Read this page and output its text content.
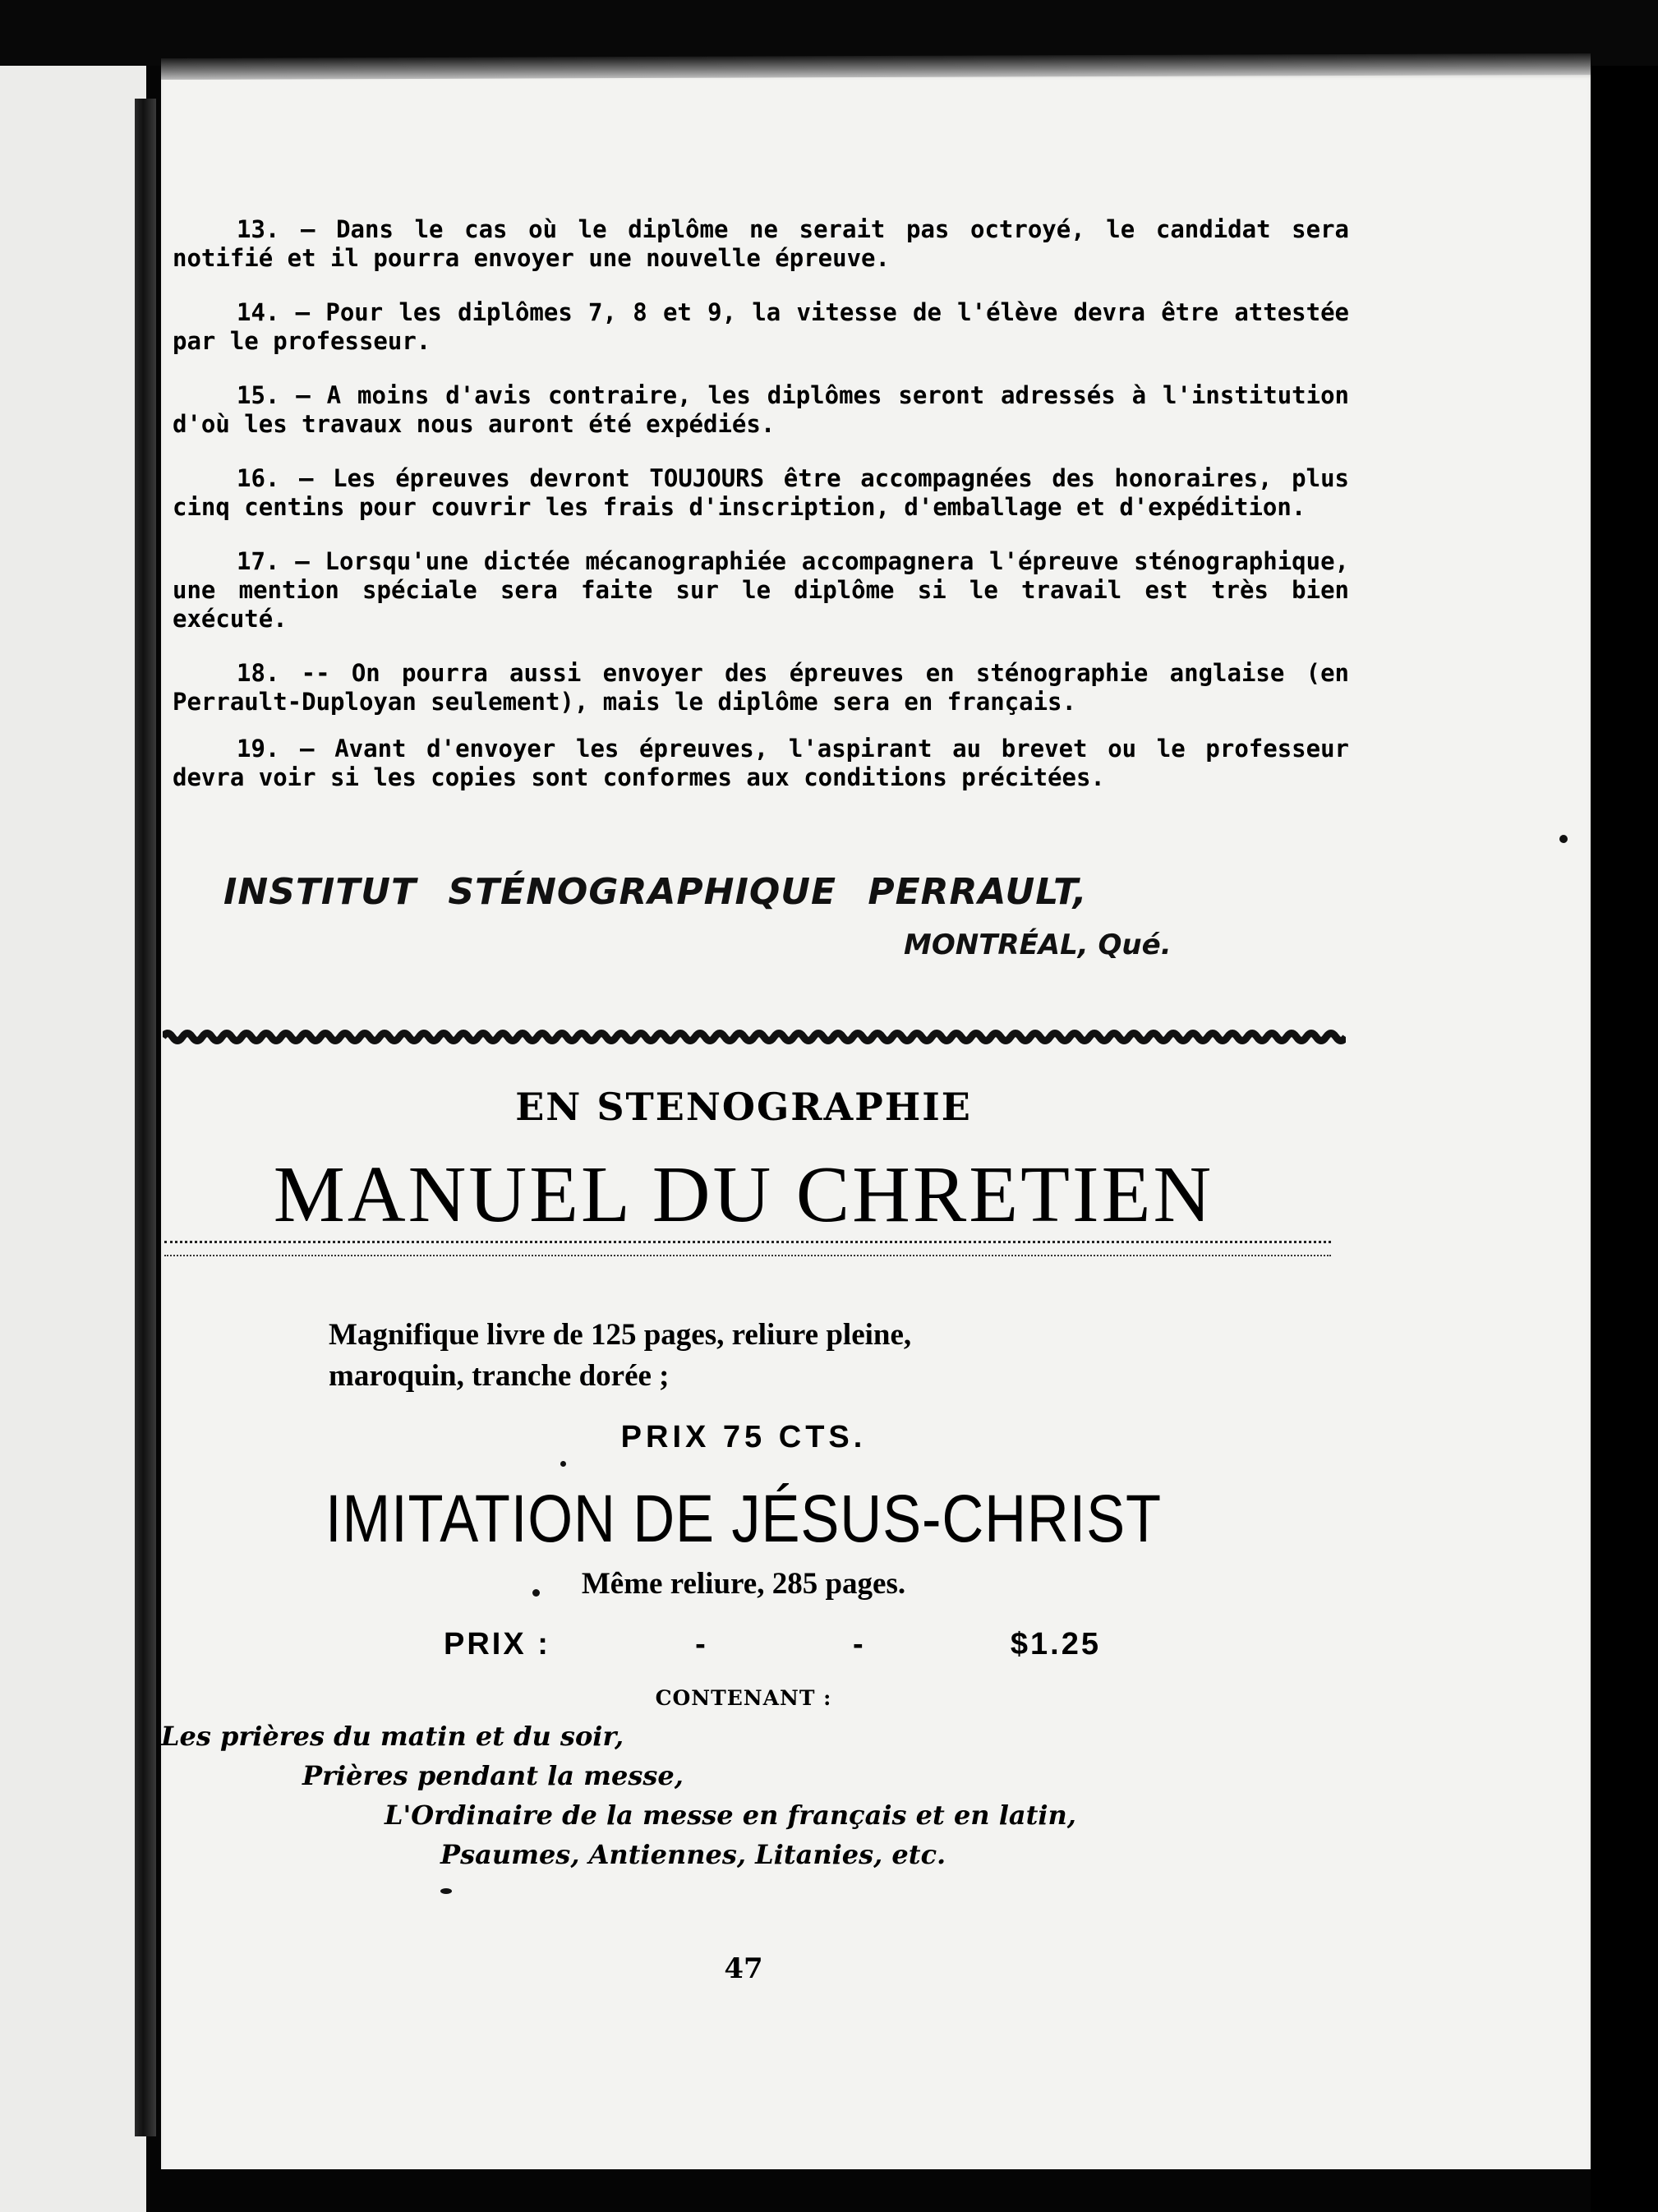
13. — Dans le cas où le diplôme ne serait pas octroyé, le candidat sera notifié et il pourra envoyer une nouvelle épreuve.

14. — Pour les diplômes 7, 8 et 9, la vitesse de l'élève devra être attestée par le professeur.

15. — A moins d'avis contraire, les diplômes seront adressés à l'institution d'où les travaux nous auront été expédiés.

16. — Les épreuves devront TOUJOURS être accompagnées des honoraires, plus cinq centins pour couvrir les frais d'inscription, d'emballage et d'expédition.

17. — Lorsqu'une dictée mécanographiée accompagnera l'épreuve sténographique, une mention spéciale sera faite sur le diplôme si le travail est très bien exécuté.

18. -- On pourra aussi envoyer des épreuves en sténographie anglaise (en Perrault-Duployan seulement), mais le diplôme sera en français.

19. — Avant d'envoyer les épreuves, l'aspirant au brevet ou le professeur devra voir si les copies sont conformes aux conditions précitées.

INSTITUT STÉNOGRAPHIQUE PERRAULT,
MONTRÉAL, Qué.
EN STENOGRAPHIE
MANUEL DU CHRETIEN
Magnifique livre de 125 pages, reliure pleine,
maroquin, tranche dorée ;
PRIX 75 CTS.
IMITATION DE JÉSUS-CHRIST
Même reliure, 285 pages.
PRIX :	-	-	$1.25
CONTENANT :
Les prières du matin et du soir,
Prières pendant la messe,
L'Ordinaire de la messe en français et en latin,
Psaumes, Antiennes, Litanies, etc.
47
